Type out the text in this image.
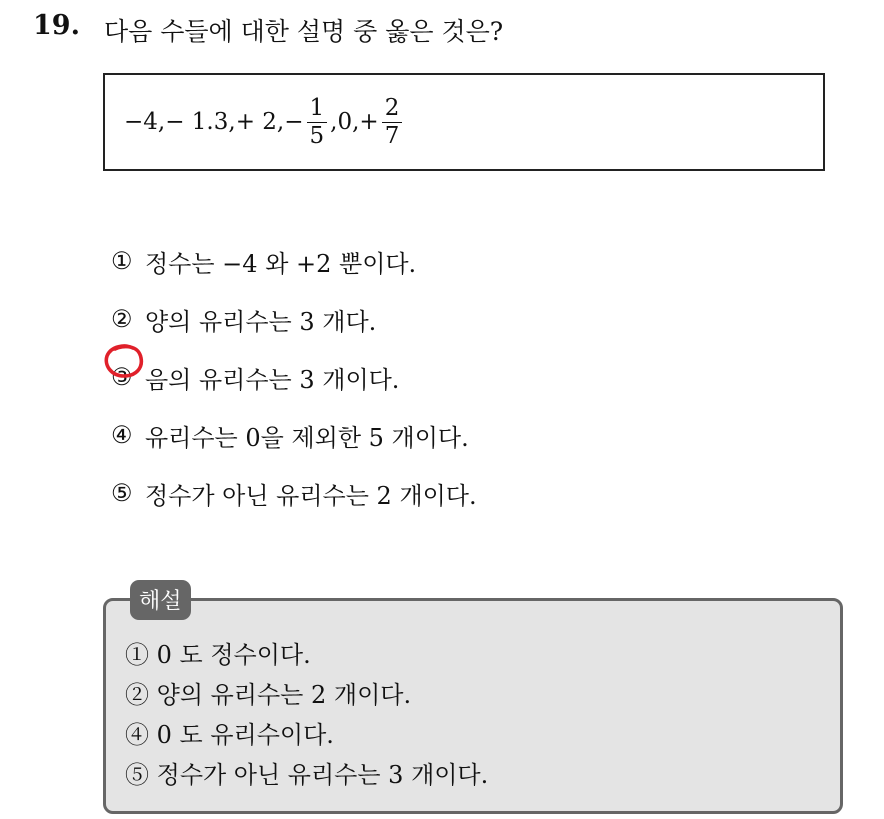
19. 다음 수들에 대한 설명 중 옳은 것은?
−4, − 1.3, + 2, − $\frac{1}{5}$ , 0, + $\frac{2}{7}$
① 정수는 −4 와 +2 뿐이다.
② 양의 유리수는 3 개다.
③ 음의 유리수는 3 개이다.
④ 유리수는 0을 제외한 5 개이다.
⑤ 정수가 아닌 유리수는 2 개이다.
해설
① 0 도 정수이다.
② 양의 유리수는 2 개이다.
④ 0 도 유리수이다.
⑤ 정수가 아닌 유리수는 3 개이다.
